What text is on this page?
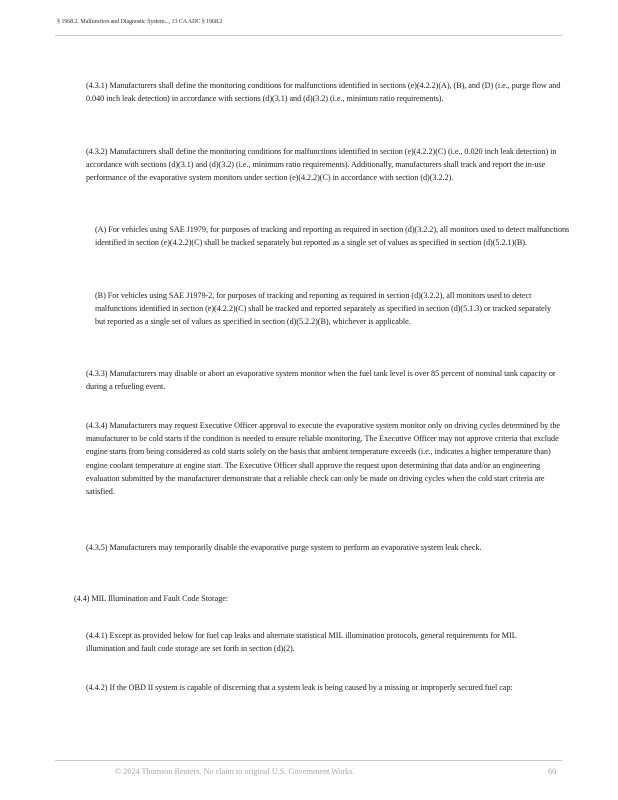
§ 1968.2. Malfunction and Diagnostic System..., 13 CA ADC § 1968.2

(4.3.1) Manufacturers shall define the monitoring conditions for malfunctions identified in sections (e)(4.2.2)(A), (B), and (D) (i.e., purge flow and 0.040 inch leak detection) in accordance with sections (d)(3.1) and (d)(3.2) (i.e., minimum ratio requirements).

(4.3.2) Manufacturers shall define the monitoring conditions for malfunctions identified in section (e)(4.2.2)(C) (i.e., 0.020 inch leak detection) in accordance with sections (d)(3.1) and (d)(3.2) (i.e., minimum ratio requirements). Additionally, manufacturers shall track and report the in-use performance of the evaporative system monitors under section (e)(4.2.2)(C) in accordance with section (d)(3.2.2).

(A) For vehicles using SAE J1979, for purposes of tracking and reporting as required in section (d)(3.2.2), all monitors used to detect malfunctions identified in section (e)(4.2.2)(C) shall be tracked separately but reported as a single set of values as specified in section (d)(5.2.1)(B).

(B) For vehicles using SAE J1979-2, for purposes of tracking and reporting as required in section (d)(3.2.2), all monitors used to detect malfunctions identified in section (e)(4.2.2)(C) shall be tracked and reported separately as specified in section (d)(5.1.3) or tracked separately but reported as a single set of values as specified in section (d)(5.2.2)(B), whichever is applicable.

(4.3.3) Manufacturers may disable or abort an evaporative system monitor when the fuel tank level is over 85 percent of nominal tank capacity or during a refueling event.

(4.3.4) Manufacturers may request Executive Officer approval to execute the evaporative system monitor only on driving cycles determined by the manufacturer to be cold starts if the condition is needed to ensure reliable monitoring. The Executive Officer may not approve criteria that exclude engine starts from being considered as cold starts solely on the basis that ambient temperature exceeds (i.e., indicates a higher temperature than) engine coolant temperature at engine start. The Executive Officer shall approve the request upon determining that data and/or an engineering evaluation submitted by the manufacturer demonstrate that a reliable check can only be made on driving cycles when the cold start criteria are satisfied.

(4.3.5) Manufacturers may temporarily disable the evaporative purge system to perform an evaporative system leak check.

(4.4) MIL Illumination and Fault Code Storage:

(4.4.1) Except as provided below for fuel cap leaks and alternate statistical MIL illumination protocols, general requirements for MIL illumination and fault code storage are set forth in section (d)(2).

(4.4.2) If the OBD II system is capable of discerning that a system leak is being caused by a missing or improperly secured fuel cap:

© 2024 Thomson Reuters. No claim to original U.S. Government Works.	60
